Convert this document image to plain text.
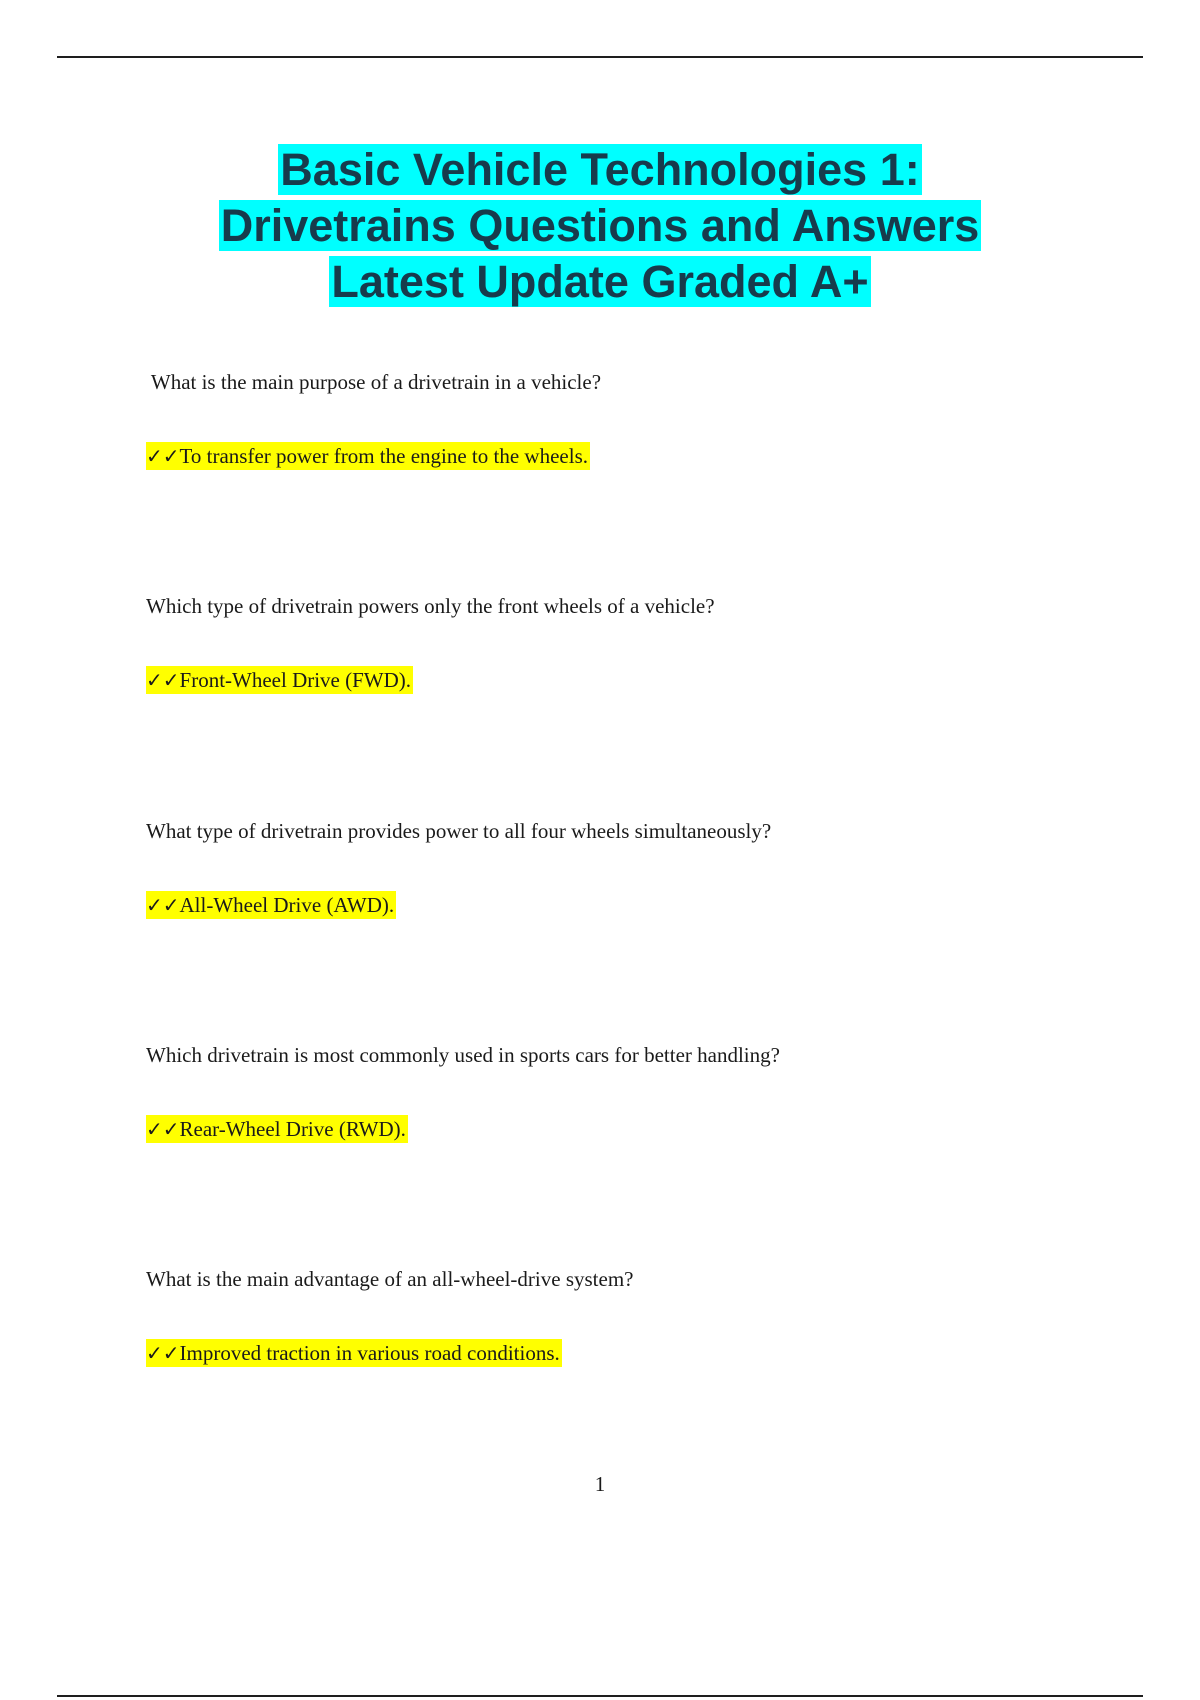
Basic Vehicle Technologies 1:
Drivetrains Questions and Answers
Latest Update Graded A+

What is the main purpose of a drivetrain in a vehicle?

✓✓To transfer power from the engine to the wheels.

Which type of drivetrain powers only the front wheels of a vehicle?

✓✓Front-Wheel Drive (FWD).

What type of drivetrain provides power to all four wheels simultaneously?

✓✓All-Wheel Drive (AWD).

Which drivetrain is most commonly used in sports cars for better handling?

✓✓Rear-Wheel Drive (RWD).

What is the main advantage of an all-wheel-drive system?

✓✓Improved traction in various road conditions.

1
